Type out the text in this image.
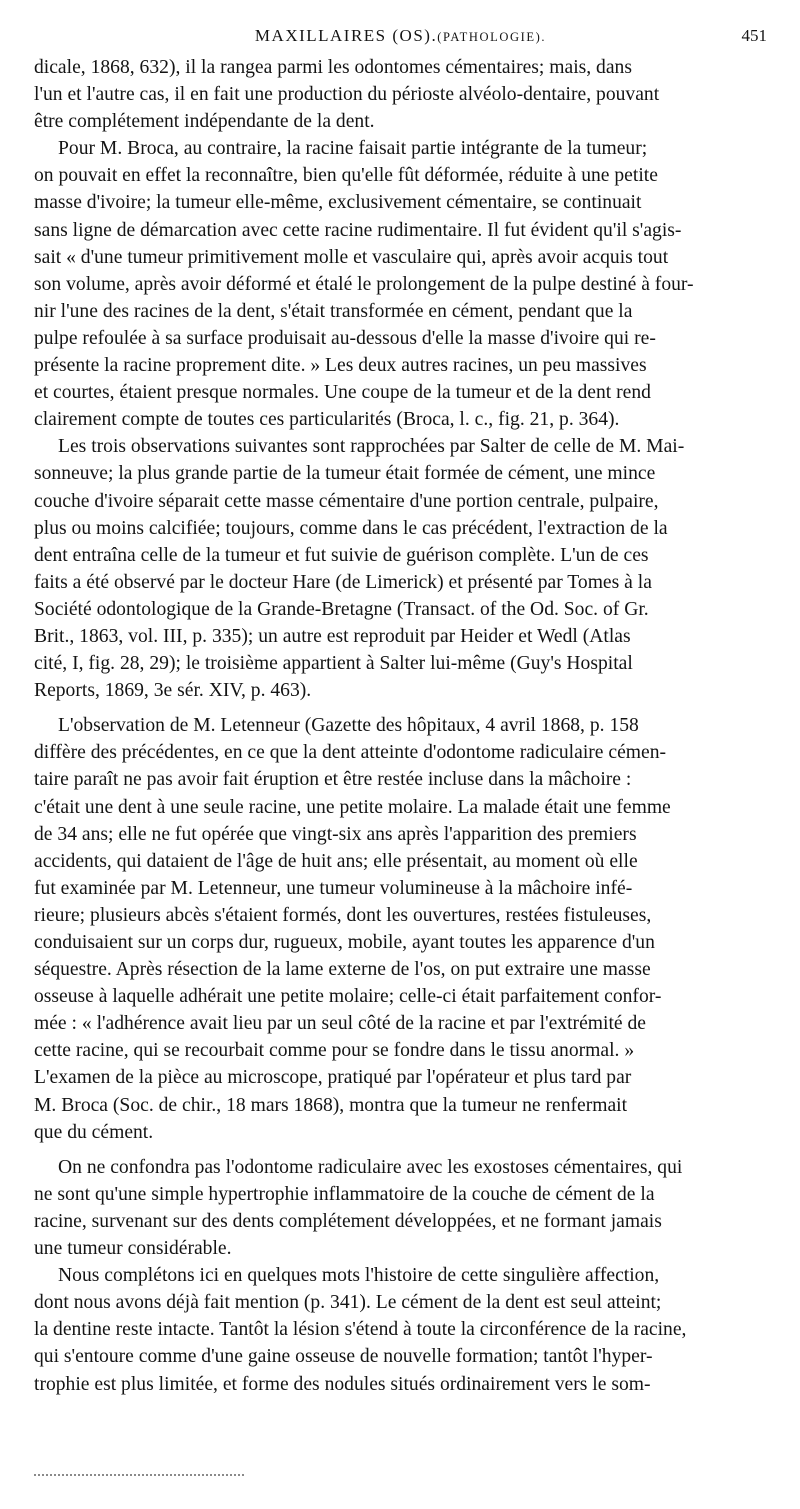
MAXILLAIRES (OS).(PATHOLOGIE).	451
dicale, 1868, 632), il la rangea parmi les odontomes cémentaires; mais, dans
l'un et l'autre cas, il en fait une production du périoste alvéolo-dentaire, pouvant
être complétement indépendante de la dent.
Pour M. Broca, au contraire, la racine faisait partie intégrante de la tumeur;
on pouvait en effet la reconnaître, bien qu'elle fût déformée, réduite à une petite
masse d'ivoire; la tumeur elle-même, exclusivement cémentaire, se continuait
sans ligne de démarcation avec cette racine rudimentaire. Il fut évident qu'il s'agis-
sait « d'une tumeur primitivement molle et vasculaire qui, après avoir acquis tout
son volume, après avoir déformé et étalé le prolongement de la pulpe destiné à four-
nir l'une des racines de la dent, s'était transformée en cément, pendant que la
pulpe refoulée à sa surface produisait au-dessous d'elle la masse d'ivoire qui re-
présente la racine proprement dite. » Les deux autres racines, un peu massives
et courtes, étaient presque normales. Une coupe de la tumeur et de la dent rend
clairement compte de toutes ces particularités (Broca, l. c., fig. 21, p. 364).
Les trois observations suivantes sont rapprochées par Salter de celle de M. Mai-
sonneuve; la plus grande partie de la tumeur était formée de cément, une mince
couche d'ivoire séparait cette masse cémentaire d'une portion centrale, pulpaire,
plus ou moins calcifiée; toujours, comme dans le cas précédent, l'extraction de la
dent entraîna celle de la tumeur et fut suivie de guérison complète. L'un de ces
faits a été observé par le docteur Hare (de Limerick) et présenté par Tomes à la
Société odontologique de la Grande-Bretagne (Transact. of the Od. Soc. of Gr.
Brit., 1863, vol. III, p. 335); un autre est reproduit par Heider et Wedl (Atlas
cité, I, fig. 28, 29); le troisième appartient à Salter lui-même (Guy's Hospital
Reports, 1869, 3e sér. XIV, p. 463).
L'observation de M. Letenneur (Gazette des hôpitaux, 4 avril 1868, p. 158
diffère des précédentes, en ce que la dent atteinte d'odontome radiculaire cémen-
taire paraît ne pas avoir fait éruption et être restée incluse dans la mâchoire :
c'était une dent à une seule racine, une petite molaire. La malade était une femme
de 34 ans; elle ne fut opérée que vingt-six ans après l'apparition des premiers
accidents, qui dataient de l'âge de huit ans; elle présentait, au moment où elle
fut examinée par M. Letenneur, une tumeur volumineuse à la mâchoire infé-
rieure; plusieurs abcès s'étaient formés, dont les ouvertures, restées fistuleuses,
conduisaient sur un corps dur, rugueux, mobile, ayant toutes les apparence d'un
séquestre. Après résection de la lame externe de l'os, on put extraire une masse
osseuse à laquelle adhérait une petite molaire; celle-ci était parfaitement confor-
mée : « l'adhérence avait lieu par un seul côté de la racine et par l'extrémité de
cette racine, qui se recourbait comme pour se fondre dans le tissu anormal. »
L'examen de la pièce au microscope, pratiqué par l'opérateur et plus tard par
M. Broca (Soc. de chir., 18 mars 1868), montra que la tumeur ne renfermait
que du cément.
On ne confondra pas l'odontome radiculaire avec les exostoses cémentaires, qui
ne sont qu'une simple hypertrophie inflammatoire de la couche de cément de la
racine, survenant sur des dents complétement développées, et ne formant jamais
une tumeur considérable.
Nous complétons ici en quelques mots l'histoire de cette singulière affection,
dont nous avons déjà fait mention (p. 341). Le cément de la dent est seul atteint;
la dentine reste intacte. Tantôt la lésion s'étend à toute la circonférence de la racine,
qui s'entoure comme d'une gaine osseuse de nouvelle formation; tantôt l'hyper-
trophie est plus limitée, et forme des nodules situés ordinairement vers le som-
